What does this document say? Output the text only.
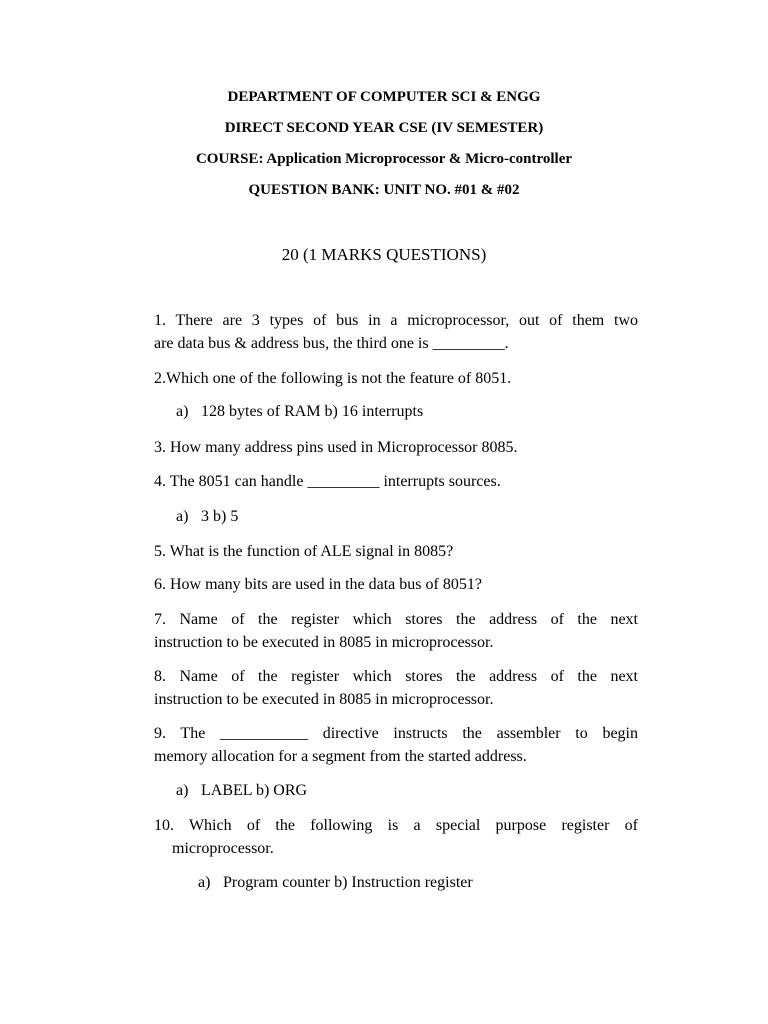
DEPARTMENT OF COMPUTER SCI & ENGG
DIRECT SECOND YEAR CSE (IV SEMESTER)
COURSE: Application Microprocessor & Micro-controller
QUESTION BANK: UNIT NO. #01 & #02
20 (1 MARKS QUESTIONS)
1. There are 3 types of bus in a microprocessor, out of them two
are data bus & address bus, the third one is _________.
2.Which one of the following is not the feature of 8051.
a) 128 bytes of RAM b) 16 interrupts
3. How many address pins used in Microprocessor 8085.
4. The 8051 can handle _________ interrupts sources.
a) 3 b) 5
5. What is the function of ALE signal in 8085?
6. How many bits are used in the data bus of 8051?
7. Name of the register which stores the address of the next
instruction to be executed in 8085 in microprocessor.
8. Name of the register which stores the address of the next
instruction to be executed in 8085 in microprocessor.
9. The ___________ directive instructs the assembler to begin
memory allocation for a segment from the started address.
a) LABEL b) ORG
10. Which of the following is a special purpose register of
microprocessor.
a) Program counter b) Instruction register
